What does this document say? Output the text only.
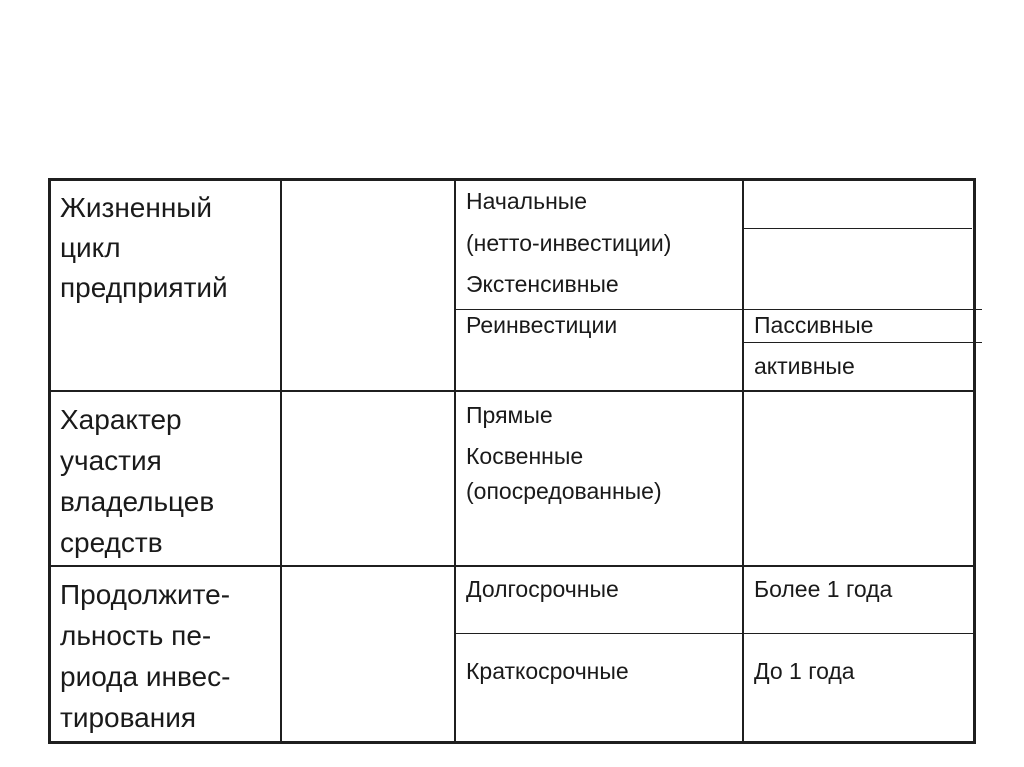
Жизненный
цикл
предприятий
Начальные
(нетто-инвестиции)
Экстенсивные
Реинвестиции	Пассивные
активные
Характер
участия
владельцев
средств
Прямые
Косвенные
(опосредованные)
Продолжите-
льность пе-
риода инвес-
тирования
Долгосрочные
Краткосрочные
Более 1 года
До 1 года
